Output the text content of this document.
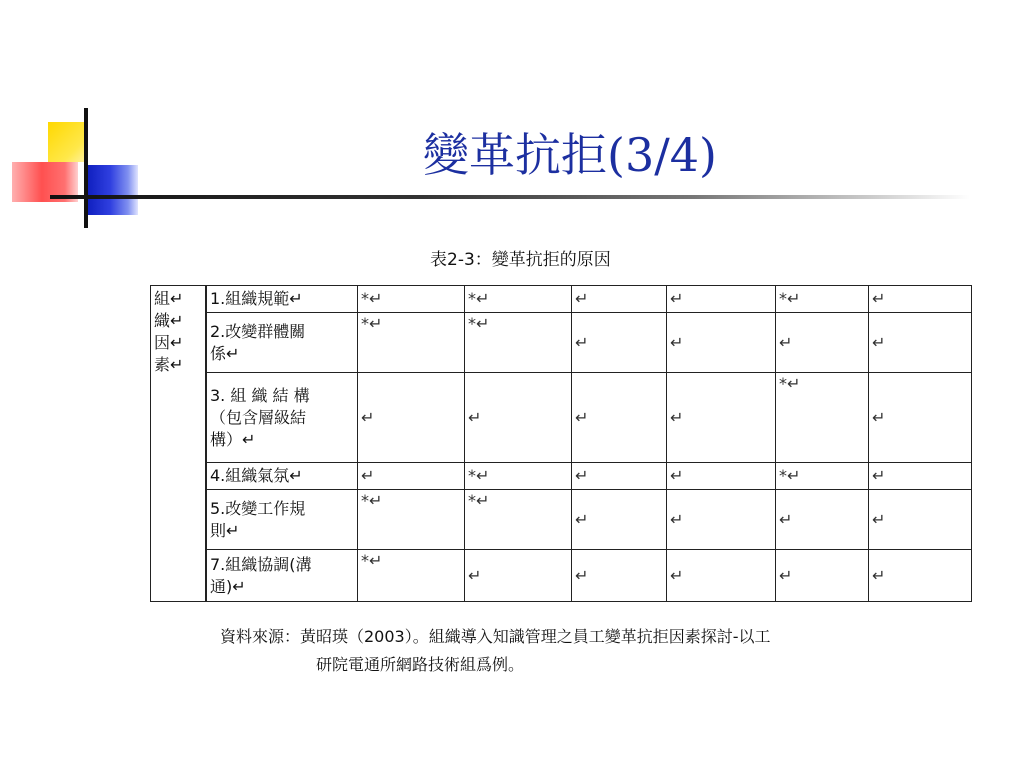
變革抗拒(3/4)
表2-3：變革抗拒的原因
組↵
織↵
因↵
素↵	1.組織規範↵	*↵	*↵	↵	↵	*↵	↵

	2.改變群體關
係↵	*↵	*↵	↵	↵	↵	↵

	3. 組 織 結 構
（包含層級結
構）↵	↵	↵	↵	↵	*↵	↵

	4.組織氣氛↵	↵	*↵	↵	↵	*↵	↵

	5.改變工作規
則↵	*↵	*↵	↵	↵	↵	↵

	7.組織協調(溝
通)↵	*↵	↵	↵	↵	↵	↵
資料來源：黃昭瑛（2003）。組織導入知識管理之員工變革抗拒因素探討-以工
研院電通所網路技術組爲例。
